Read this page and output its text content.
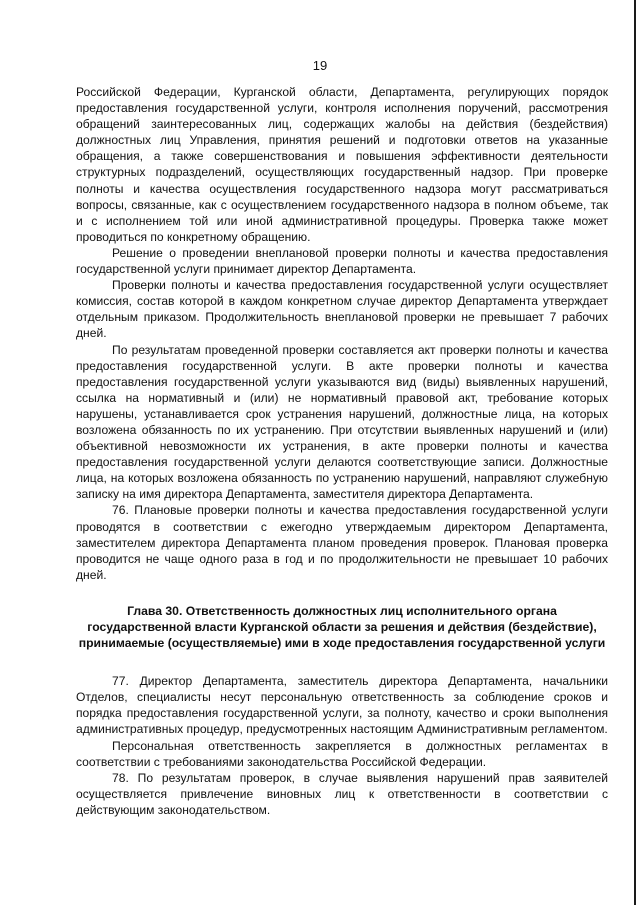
19

Российской Федерации, Курганской области, Департамента, регулирующих порядок предоставления государственной услуги, контроля исполнения поручений, рассмотрения обращений заинтересованных лиц, содержащих жалобы на действия (бездействия) должностных лиц Управления, принятия решений и подготовки ответов на указанные обращения, а также совершенствования и повышения эффективности деятельности структурных подразделений, осуществляющих государственный надзор. При проверке полноты и качества осуществления государственного надзора могут рассматриваться вопросы, связанные, как с осуществлением государственного надзора в полном объеме, так и с исполнением той или иной административной процедуры. Проверка также может проводиться по конкретному обращению.

Решение о проведении внеплановой проверки полноты и качества предоставления государственной услуги принимает директор Департамента.

Проверки полноты и качества предоставления государственной услуги осуществляет комиссия, состав которой в каждом конкретном случае директор Департамента утверждает отдельным приказом. Продолжительность внеплановой проверки не превышает 7 рабочих дней.

По результатам проведенной проверки составляется акт проверки полноты и качества предоставления государственной услуги. В акте проверки полноты и качества предоставления государственной услуги указываются вид (виды) выявленных нарушений, ссылка на нормативный и (или) не нормативный правовой акт, требование которых нарушены, устанавливается срок устранения нарушений, должностные лица, на которых возложена обязанность по их устранению. При отсутствии выявленных нарушений и (или) объективной невозможности их устранения, в акте проверки полноты и качества предоставления государственной услуги делаются соответствующие записи. Должностные лица, на которых возложена обязанность по устранению нарушений, направляют служебную записку на имя директора Департамента, заместителя директора Департамента.

76. Плановые проверки полноты и качества предоставления государственной услуги проводятся в соответствии с ежегодно утверждаемым директором Департамента, заместителем директора Департамента планом проведения проверок. Плановая проверка проводится не чаще одного раза в год и по продолжительности не превышает 10 рабочих дней.

Глава 30. Ответственность должностных лиц исполнительного органа государственной власти Курганской области за решения и действия (бездействие), принимаемые (осуществляемые) ими в ходе предоставления государственной услуги

77. Директор Департамента, заместитель директора Департамента, начальники Отделов, специалисты несут персональную ответственность за соблюдение сроков и порядка предоставления государственной услуги, за полноту, качество и сроки выполнения административных процедур, предусмотренных настоящим Административным регламентом.

Персональная ответственность закрепляется в должностных регламентах в соответствии с требованиями законодательства Российской Федерации.

78. По результатам проверок, в случае выявления нарушений прав заявителей осуществляется привлечение виновных лиц к ответственности в соответствии с действующим законодательством.
